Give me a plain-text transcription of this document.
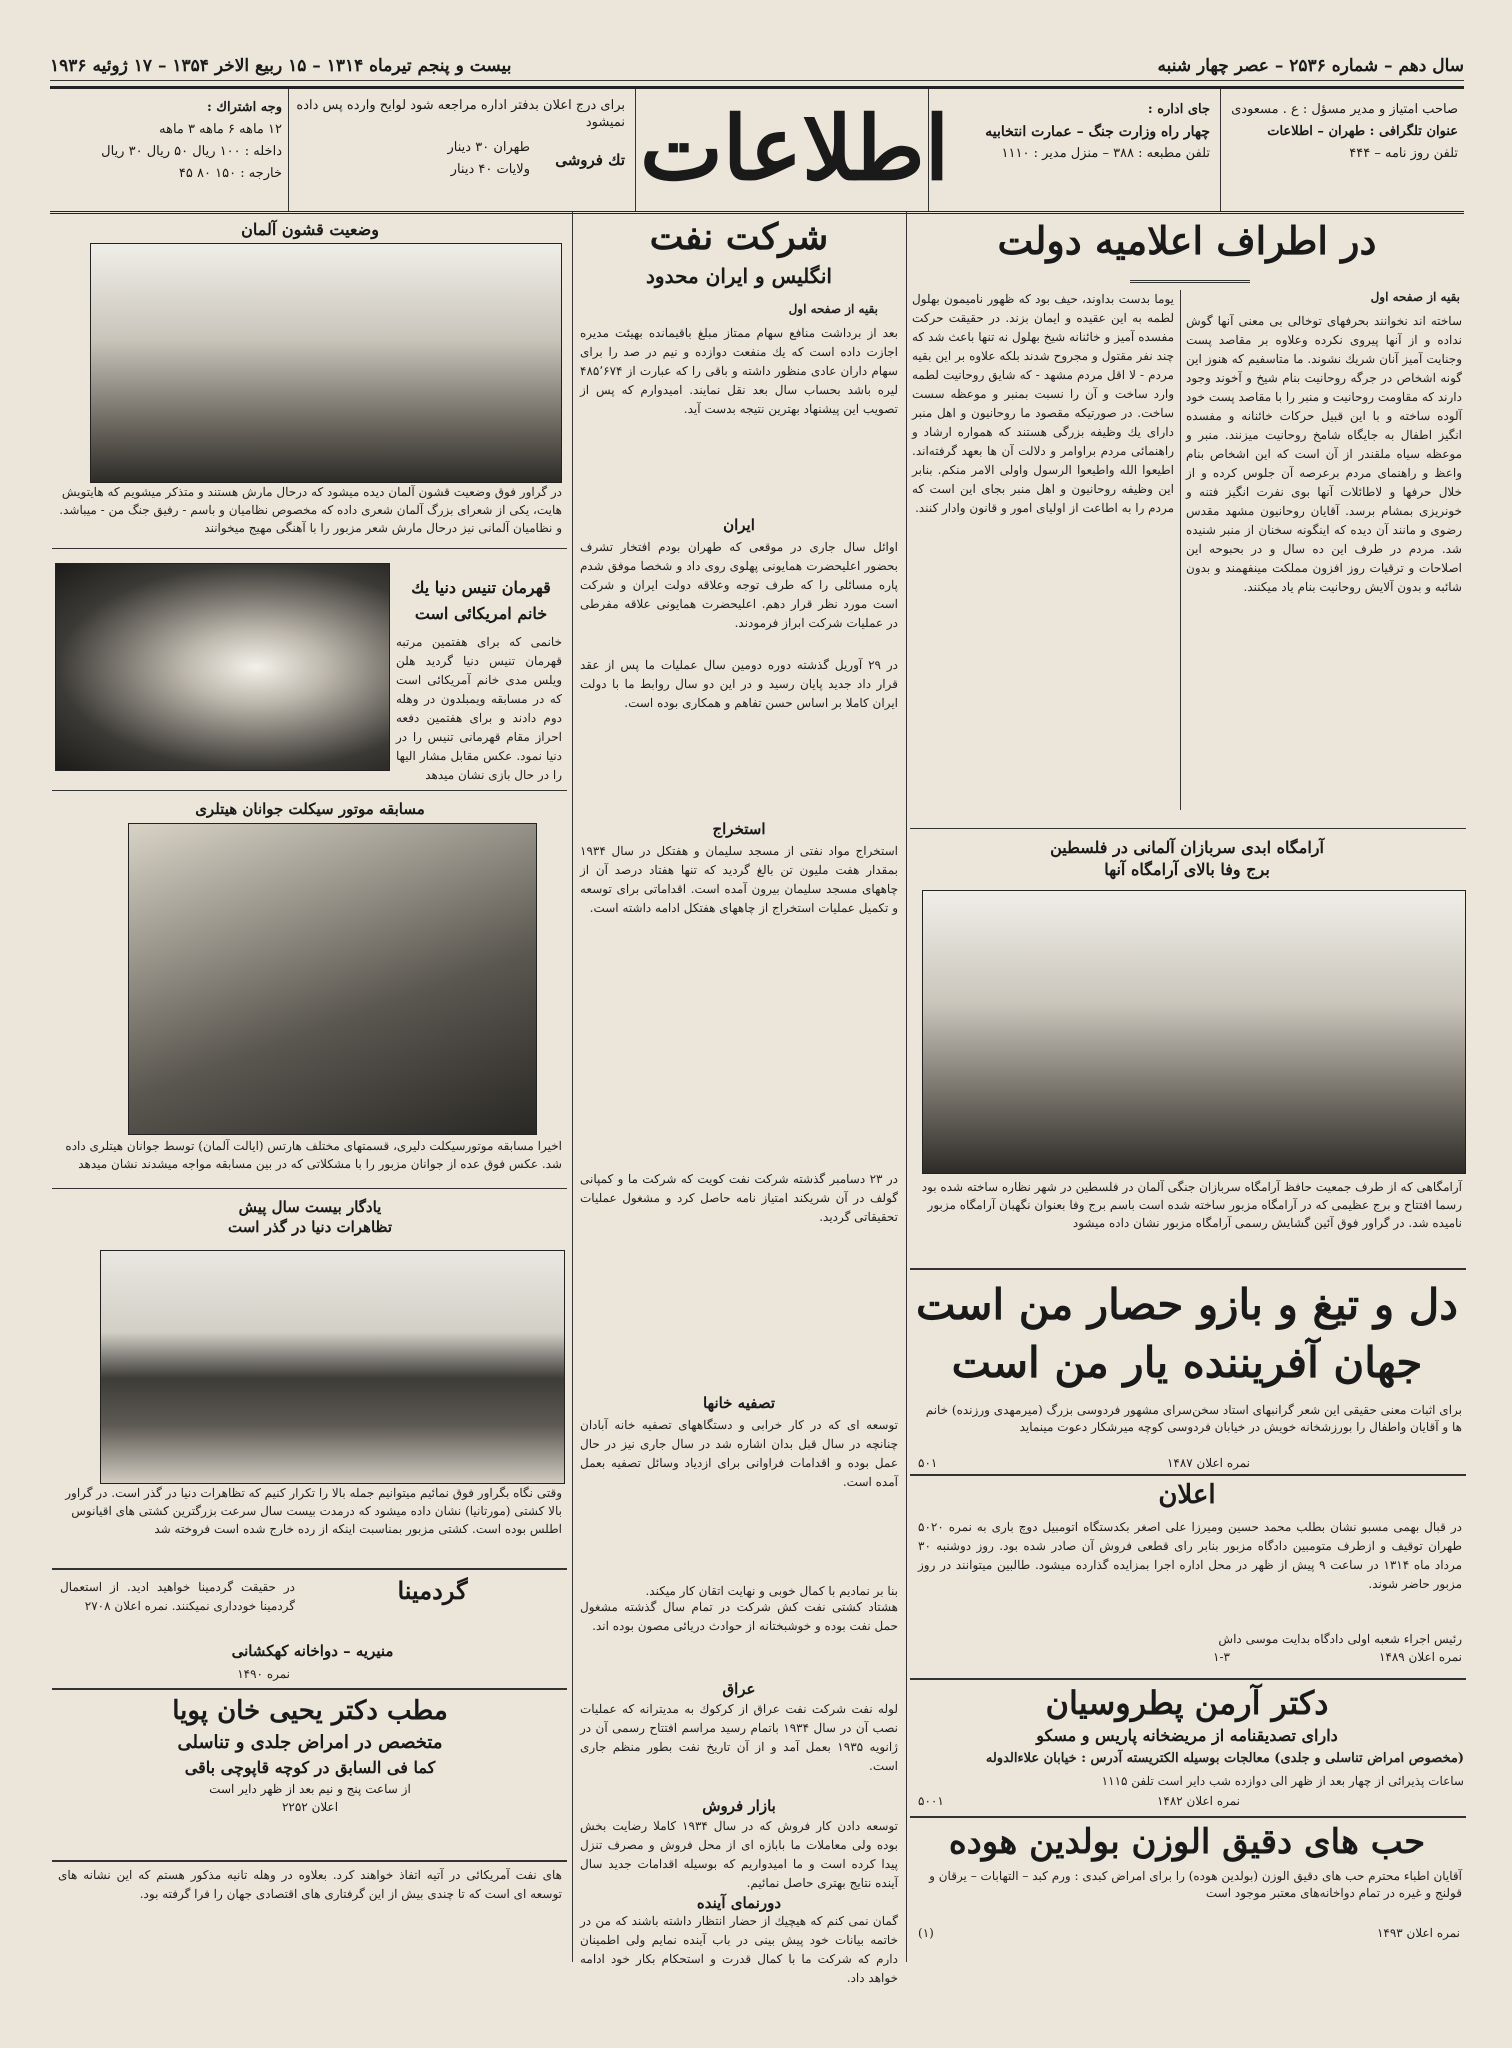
بیست و پنجم تیرماه ۱۳۱۴ – ۱۵ ربیع الاخر ۱۳۵۴ – ۱۷ ژوئیه ۱۹۳۶	سال دهم – شماره ۲۵۳۶ – عصر چهار شنبه
صاحب امتیاز و مدیر مسؤل : ع . مسعودی
عنوان تلگرافی : طهران – اطلاعات
تلفن روز نامه – ۴۴۴
جای اداره :
چهار راه وزارت جنگ – عمارت انتخابیه
تلفن مطبعه : ۳۸۸ – منزل مدیر : ۱۱۱۰
اطلاعات
برای درج اعلان بدفتر اداره مراجعه شود لوایح وارده پس داده نمیشود
تك فروشی
طهران ۳۰ دینار
ولایات ۴۰ دینار
وجه اشتراك :
۱۲ ماهه ۶ ماهه ۳ ماهه
داخله : ۱۰۰ ریال ۵۰ ریال ۳۰ ریال
خارجه : ۱۵۰ ۸۰ ۴۵
وضعیت قشون آلمان
در گراور فوق وضعیت قشون آلمان دیده میشود که درحال مارش هستند و متذکر میشویم که هایتویش هایت، یکی از شعرای بزرگ آلمان شعری داده که مخصوص نظامیان و باسم - رفیق جنگ من - میباشد. و نظامیان آلمانی نیز درحال مارش شعر مزبور را با آهنگی مهیج میخوانند
قهرمان تنیس دنیا یك خانم امریکائی است
خانمی که برای هفتمین مرتبه قهرمان تنیس دنیا گردید هلن ویلس مدی خانم آمریکائی است که در مسابقه ویمبلدون در وهله دوم دادند و برای هفتمین دفعه احراز مقام قهرمانی تنیس را در دنیا نمود. عکس مقابل مشار الیها را در حال بازی نشان میدهد
مسابقه موتور سیکلت جوانان هیتلری
اخیرا مسابقه موتورسیکلت دلیری، قسمتهای مختلف هارتس (ایالت آلمان) توسط جوانان هیتلری داده شد. عکس فوق عده از جوانان مزبور را با مشکلاتی که در بین مسابقه مواجه میشدند نشان میدهد
یادگار بیست سال پیش
تظاهرات دنیا در گذر است
وقتی نگاه بگراور فوق نمائیم میتوانیم جمله بالا را تکرار کنیم که تظاهرات دنیا در گذر است. در گراور بالا کشتی (مورتانیا) نشان داده میشود که درمدت بیست سال سرعت بزرگترین کشتی های اقیانوس اطلس بوده است. کشتی مزبور بمناسبت اینکه از رده خارج شده است فروخته شد
گردمینا
در حقیقت گردمینا خواهید ادید. از استعمال گردمینا خودداری نمیکنند. نمره اعلان ۲۷۰۸
منیریه – دواخانه کهکشانی
نمره ۱۴۹۰
مطب دکتر یحیی خان پویا
متخصص در امراض جلدی و تناسلی
کما فی السابق در کوچه قاپوچی باقی
از ساعت پنج و نیم بعد از ظهر دایر است
اعلان ۲۲۵۲
های نفت آمریکائی در آتیه اتفاذ خواهند کرد. بعلاوه در وهله تانیه مذکور هستم که این نشانه های توسعه ای است که تا چندی بیش از این گرفتاری های اقتصادی جهان را فرا گرفته بود.
شرکت نفت
انگلیس و ایران محدود
بقیه از صفحه اول
بعد از برداشت منافع سهام ممتاز مبلغ باقیمانده بهیئت مدیره اجازت داده است که یك منفعت دوازده و نیم در صد را برای سهام داران عادی منظور داشته و باقی را که عبارت از ۴۸۵٬۶۷۴ لیره باشد بحساب سال بعد نقل نمایند. امیدوارم که پس از تصویب این پیشنهاد بهترین نتیجه بدست آید.
ایران
اوائل سال جاری در موقعی که طهران بودم افتخار تشرف بحضور اعلیحضرت همایونی پهلوی روی داد و شخصا موفق شدم پاره مسائلی را که طرف توجه وعلاقه دولت ایران و شرکت است مورد نظر قرار دهم. اعلیحضرت همایونی علاقه مفرطی در عملیات شرکت ابراز فرمودند.
در ۲۹ آوریل گذشته دوره دومین سال عملیات ما پس از عقد قرار داد جدید پایان رسید و در این دو سال روابط ما با دولت ایران کاملا بر اساس حسن تفاهم و همکاری بوده است.
استخراج
استخراج مواد نفتی از مسجد سلیمان و هفتکل در سال ۱۹۳۴ بمقدار هفت ملیون تن بالغ گردید که تنها هفتاد درصد آن از چاههای مسجد سلیمان بیرون آمده است. اقداماتی برای توسعه و تکمیل عملیات استخراج از چاههای هفتکل ادامه داشته است.
در ۲۳ دسامبر گذشته شرکت نفت کویت که شرکت ما و کمپانی گولف در آن شریکند امتیاز نامه حاصل کرد و مشغول عملیات تحقیقاتی گردید.
تصفیه خانها
توسعه ای که در کار خرابی و دستگاههای تصفیه خانه آبادان چنانچه در سال قبل بدان اشاره شد در سال جاری نیز در حال عمل بوده و اقدامات فراوانی برای ازدیاد وسائل تصفیه بعمل آمده است.
هشتاد کشتی نفت کش شرکت در تمام سال گذشته مشغول حمل نفت بوده و خوشبختانه از حوادث دریائی مصون بوده اند.
بنا بر نمادیم با کمال خوبی و نهایت اتقان کار میکند.
عراق
لوله نفت شرکت نفت عراق از کرکوك به مدیترانه که عملیات نصب آن در سال ۱۹۳۴ باتمام رسید مراسم افتتاح رسمی آن در ژانویه ۱۹۳۵ بعمل آمد و از آن تاریخ نفت بطور منظم جاری است.
بازار فروش
توسعه دادن کار فروش که در سال ۱۹۳۴ کاملا رضایت بخش بوده ولی معاملات ما بابازه ای از محل فروش و مصرف تنزل پیدا کرده است و ما امیدواریم که بوسیله اقدامات جدید سال آینده نتایج بهتری حاصل نمائیم.
دورنمای آینده
گمان نمی کنم که هیچیك از حضار انتظار داشته باشند که من در خاتمه بیانات خود پیش بینی در باب آینده نمایم ولی اطمینان دارم که شرکت ما با کمال قدرت و استحکام بکار خود ادامه خواهد داد.
در اطراف اعلامیه دولت
بقیه از صفحه اول
ساخته اند نخوانند بحرفهای توخالی بی معنی آنها گوش نداده و از آنها پیروی نکرده وعلاوه بر مقاصد پست وجنایت آمیز آنان شریك نشوند. ما متاسفیم که هنوز این گونه اشخاص در جرگه روحانیت بنام شیخ و آخوند وجود دارند که مقاومت روحانیت و منبر را با مقاصد پست خود آلوده ساخته و با این قبیل حرکات خائنانه و مفسده انگیز اطفال به جایگاه شامخ روحانیت میزنند. منبر و موعظه سیاه ملقندر از آن است که این اشخاص بنام واعظ و راهنمای مردم برعرصه آن جلوس کرده و از خلال حرفها و لاطائلات آنها بوی نفرت انگیز فتنه و خونریزی بمشام برسد. آقایان روحانیون مشهد مقدس رضوی و مانند آن دیده که اینگونه سخنان از منبر شنیده شد. مردم در طرف این ده سال و در بحبوحه این اصلاحات و ترقیات روز افزون مملکت مینفهمند و بدون شائبه و بدون آلایش روحانیت بنام یاد میکنند.
یوما بدست بداوند، حیف بود که ظهور نامیمون بهلول لطمه به این عقیده و ایمان بزند. در حقیقت حرکت مفسده آمیز و خائنانه شیخ بهلول نه تنها باعث شد که چند نفر مقتول و مجروح شدند بلکه علاوه بر این بقیه مردم - لا اقل مردم مشهد - که شایق روحانیت لطمه وارد ساخت و آن را نسبت بمنبر و موعظه سست ساخت. در صورتیکه مقصود ما روحانیون و اهل منبر دارای یك وظیفه بزرگی هستند که همواره ارشاد و راهنمائی مردم براوامر و دلالت آن ها بعهد گرفته‌اند. اطیعوا الله واطیعوا الرسول واولی الامر منکم. بنابر این وظیفه روحانیون و اهل منبر بجای این است که مردم را به اطاعت از اولیای امور و قانون وادار کنند.
آرامگاه ابدی سربازان آلمانی در فلسطین
برج وفا بالای آرامگاه آنها
آرامگاهی که از طرف جمعیت حافظ آرامگاه سربازان جنگی آلمان در فلسطین در شهر نظاره ساخته شده بود رسما افتتاح و برج عظیمی که در آرامگاه مزبور ساخته شده است باسم برج وفا بعنوان نگهبان آرامگاه مزبور نامیده شد. در گراور فوق آئین گشایش رسمی آرامگاه مزبور نشان داده میشود
دل و تیغ و بازو حصار من است
جهان آفریننده یار من است
برای اثبات معنی حقیقی این شعر گرانبهای استاد سخن‌سرای مشهور فردوسی بزرگ (میرمهدی ورزنده) خانم ها و آقایان واطفال را بورزشخانه خویش در خیابان فردوسی کوچه میرشکار دعوت مینماید
نمره اعلان ۱۴۸۷
۵۰۱
اعلان
در قبال بهمی مسبو نشان بطلب محمد حسین ومیرزا علی اصغر بکدستگاه اتومبیل دوچ باری به نمره ۵۰۲۰ طهران توقیف و ازطرف متومبین دادگاه مزبور بنابر رای قطعی فروش آن صادر شده بود. روز دوشنبه ۳۰ مرداد ماه ۱۳۱۴ در ساعت ۹ پیش از ظهر در محل اداره اجرا بمزایده گذارده میشود. طالبین میتوانند در روز مزبور حاضر شوند.
رئیس اجراء شعبه اولی دادگاه بدایت موسی داش
نمره اعلان ۱۴۸۹
۱-۳
دکتر آرمن پطروسیان
دارای تصدیقنامه از مریضخانه پاریس و مسکو
(مخصوص امراض تناسلی و جلدی) معالجات بوسیله الکتریسته آدرس : خیابان علاءالدوله
ساعات پذیرائی از چهار بعد از ظهر الی دوازده شب دایر است تلفن ۱۱۱۵
نمره اعلان ۱۴۸۲
۵۰۰۱
حب های دقیق الوزن بولدین هوده
آقایان اطباء محترم حب های دقیق الوزن (بولدین هوده) را برای امراض کبدی : ورم کبد – التهابات – یرقان و قولنج و غیره در تمام دواخانه‌های معتبر موجود است
نمره اعلان ۱۴۹۳
(۱)
